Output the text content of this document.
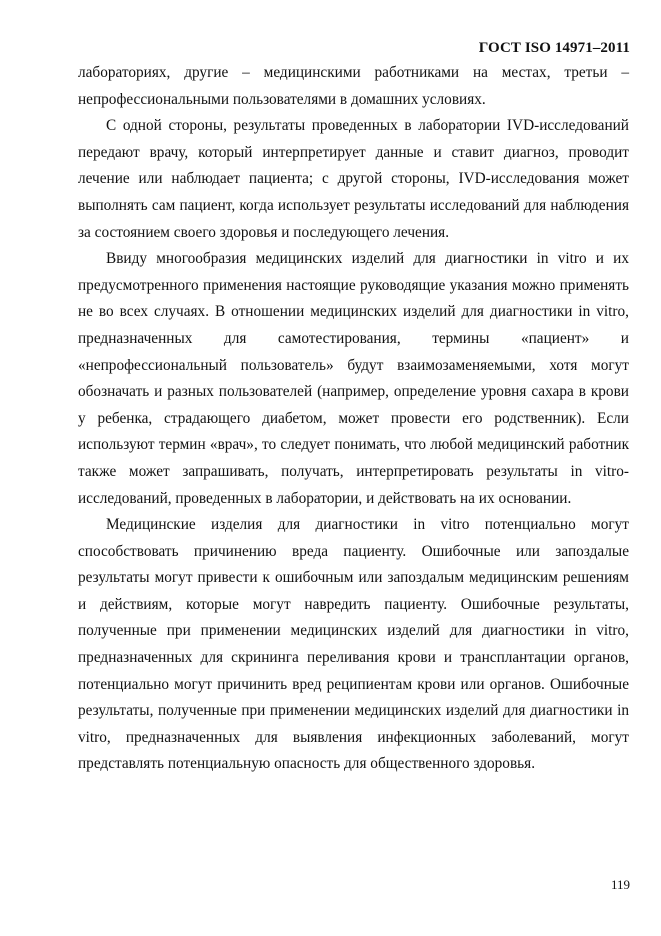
ГОСТ ISO 14971–2011

лабораториях, другие – медицинскими работниками на местах, третьи – непрофессиональными пользователями в домашних условиях.

С одной стороны, результаты проведенных в лаборатории IVD-исследований передают врачу, который интерпретирует данные и ставит диагноз, проводит лечение или наблюдает пациента; с другой стороны, IVD-исследования может выполнять сам пациент, когда использует результаты исследований для наблюдения за состоянием своего здоровья и последующего лечения.

Ввиду многообразия медицинских изделий для диагностики in vitro и их предусмотренного применения настоящие руководящие указания можно применять не во всех случаях. В отношении медицинских изделий для диагностики in vitro, предназначенных для самотестирования, термины «пациент» и «непрофессиональный пользователь» будут взаимозаменяемыми, хотя могут обозначать и разных пользователей (например, определение уровня сахара в крови у ребенка, страдающего диабетом, может провести его родственник). Если используют термин «врач», то следует понимать, что любой медицинский работник также может запрашивать, получать, интерпретировать результаты in vitro-исследований, проведенных в лаборатории, и действовать на их основании.

Медицинские изделия для диагностики in vitro потенциально могут способствовать причинению вреда пациенту. Ошибочные или запоздалые результаты могут привести к ошибочным или запоздалым медицинским решениям и действиям, которые могут навредить пациенту. Ошибочные результаты, полученные при применении медицинских изделий для диагностики in vitro, предназначенных для скрининга переливания крови и трансплантации органов, потенциально могут причинить вред реципиентам крови или органов. Ошибочные результаты, полученные при применении медицинских изделий для диагностики in vitro, предназначенных для выявления инфекционных заболеваний, могут представлять потенциальную опасность для общественного здоровья.

119
